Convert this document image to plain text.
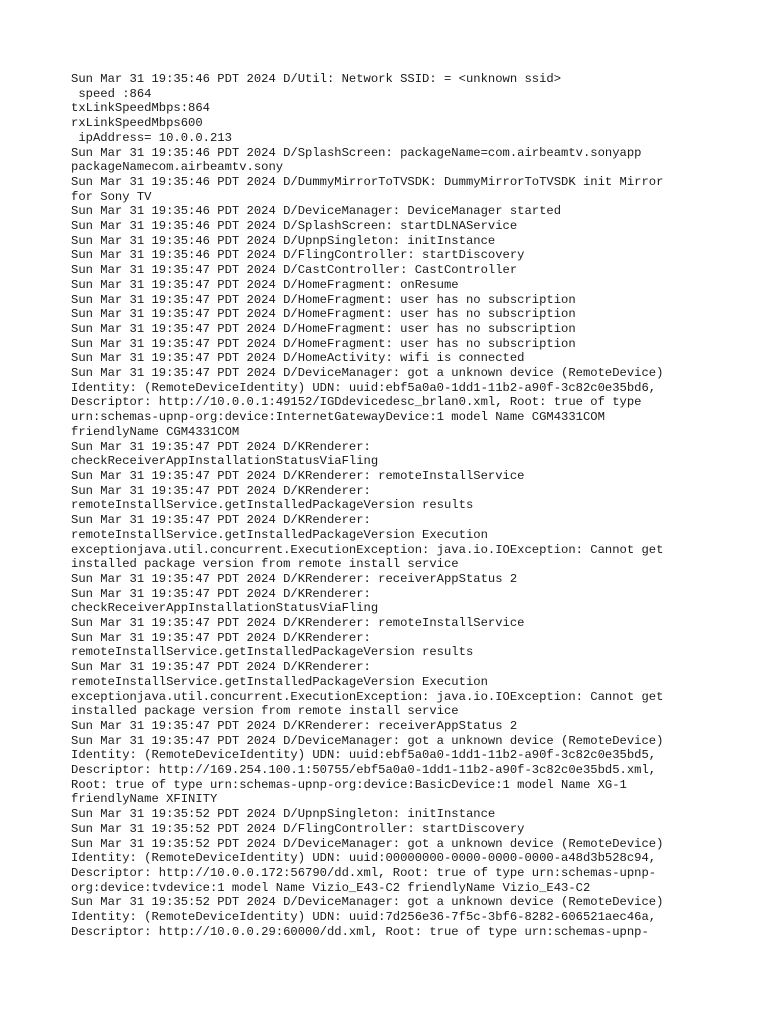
Sun Mar 31 19:35:46 PDT 2024 D/Util: Network SSID: = <unknown ssid>
speed :864
txLinkSpeedMbps:864
rxLinkSpeedMbps600
ipAddress= 10.0.0.213
Sun Mar 31 19:35:46 PDT 2024 D/SplashScreen: packageName=com.airbeamtv.sonyapp
packageNamecom.airbeamtv.sony
Sun Mar 31 19:35:46 PDT 2024 D/DummyMirrorToTVSDK: DummyMirrorToTVSDK init Mirror
for Sony TV
Sun Mar 31 19:35:46 PDT 2024 D/DeviceManager: DeviceManager started
Sun Mar 31 19:35:46 PDT 2024 D/SplashScreen: startDLNAService
Sun Mar 31 19:35:46 PDT 2024 D/UpnpSingleton: initInstance
Sun Mar 31 19:35:46 PDT 2024 D/FlingController: startDiscovery
Sun Mar 31 19:35:47 PDT 2024 D/CastController: CastController
Sun Mar 31 19:35:47 PDT 2024 D/HomeFragment: onResume
Sun Mar 31 19:35:47 PDT 2024 D/HomeFragment: user has no subscription
Sun Mar 31 19:35:47 PDT 2024 D/HomeFragment: user has no subscription
Sun Mar 31 19:35:47 PDT 2024 D/HomeFragment: user has no subscription
Sun Mar 31 19:35:47 PDT 2024 D/HomeFragment: user has no subscription
Sun Mar 31 19:35:47 PDT 2024 D/HomeActivity: wifi is connected
Sun Mar 31 19:35:47 PDT 2024 D/DeviceManager: got a unknown device (RemoteDevice)
Identity: (RemoteDeviceIdentity) UDN: uuid:ebf5a0a0-1dd1-11b2-a90f-3c82c0e35bd6,
Descriptor: http://10.0.0.1:49152/IGDdevicedesc_brlan0.xml, Root: true of type
urn:schemas-upnp-org:device:InternetGatewayDevice:1 model Name CGM4331COM
friendlyName CGM4331COM
Sun Mar 31 19:35:47 PDT 2024 D/KRenderer:
checkReceiverAppInstallationStatusViaFling
Sun Mar 31 19:35:47 PDT 2024 D/KRenderer: remoteInstallService
Sun Mar 31 19:35:47 PDT 2024 D/KRenderer:
remoteInstallService.getInstalledPackageVersion results
Sun Mar 31 19:35:47 PDT 2024 D/KRenderer:
remoteInstallService.getInstalledPackageVersion Execution
exceptionjava.util.concurrent.ExecutionException: java.io.IOException: Cannot get
installed package version from remote install service
Sun Mar 31 19:35:47 PDT 2024 D/KRenderer: receiverAppStatus 2
Sun Mar 31 19:35:47 PDT 2024 D/KRenderer:
checkReceiverAppInstallationStatusViaFling
Sun Mar 31 19:35:47 PDT 2024 D/KRenderer: remoteInstallService
Sun Mar 31 19:35:47 PDT 2024 D/KRenderer:
remoteInstallService.getInstalledPackageVersion results
Sun Mar 31 19:35:47 PDT 2024 D/KRenderer:
remoteInstallService.getInstalledPackageVersion Execution
exceptionjava.util.concurrent.ExecutionException: java.io.IOException: Cannot get
installed package version from remote install service
Sun Mar 31 19:35:47 PDT 2024 D/KRenderer: receiverAppStatus 2
Sun Mar 31 19:35:47 PDT 2024 D/DeviceManager: got a unknown device (RemoteDevice)
Identity: (RemoteDeviceIdentity) UDN: uuid:ebf5a0a0-1dd1-11b2-a90f-3c82c0e35bd5,
Descriptor: http://169.254.100.1:50755/ebf5a0a0-1dd1-11b2-a90f-3c82c0e35bd5.xml,
Root: true of type urn:schemas-upnp-org:device:BasicDevice:1 model Name XG-1
friendlyName XFINITY
Sun Mar 31 19:35:52 PDT 2024 D/UpnpSingleton: initInstance
Sun Mar 31 19:35:52 PDT 2024 D/FlingController: startDiscovery
Sun Mar 31 19:35:52 PDT 2024 D/DeviceManager: got a unknown device (RemoteDevice)
Identity: (RemoteDeviceIdentity) UDN: uuid:00000000-0000-0000-0000-a48d3b528c94,
Descriptor: http://10.0.0.172:56790/dd.xml, Root: true of type urn:schemas-upnp-
org:device:tvdevice:1 model Name Vizio_E43-C2 friendlyName Vizio_E43-C2
Sun Mar 31 19:35:52 PDT 2024 D/DeviceManager: got a unknown device (RemoteDevice)
Identity: (RemoteDeviceIdentity) UDN: uuid:7d256e36-7f5c-3bf6-8282-606521aec46a,
Descriptor: http://10.0.0.29:60000/dd.xml, Root: true of type urn:schemas-upnp-
